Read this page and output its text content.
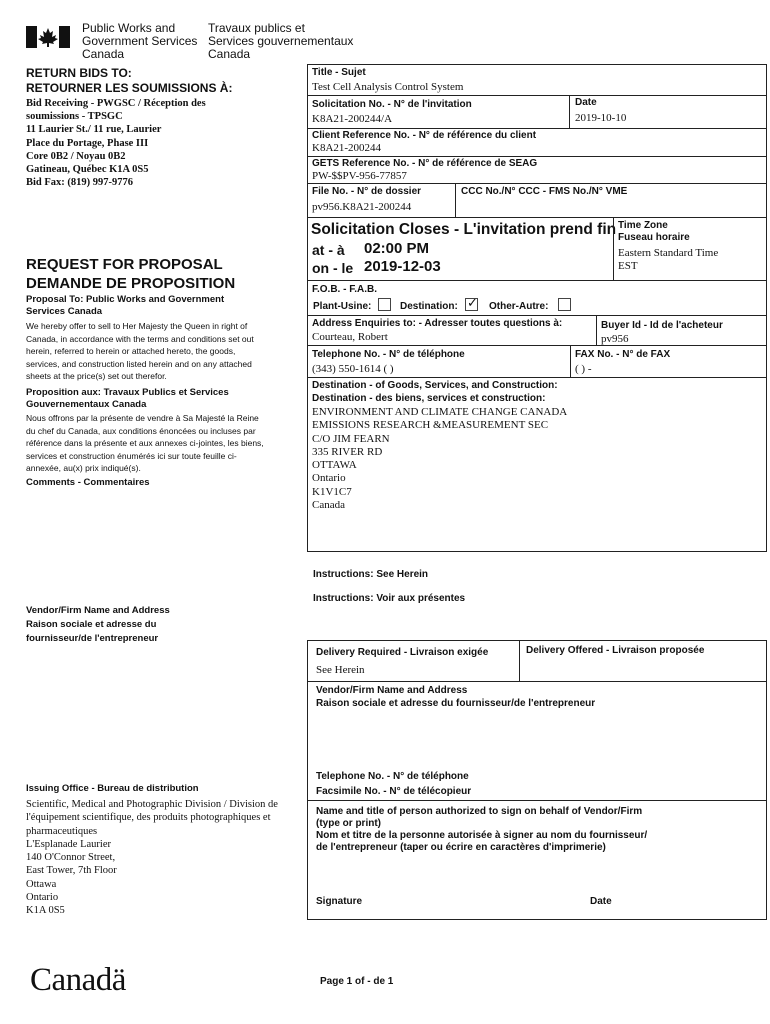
Public Works and
Government Services
Canada
Travaux publics et
Services gouvernementaux
Canada
RETURN BIDS TO:
RETOURNER LES SOUMISSIONS À:
Bid Receiving - PWGSC / Réception des
soumissions - TPSGC
11 Laurier St./ 11 rue, Laurier
Place du Portage, Phase III
Core 0B2 / Noyau 0B2
Gatineau, Québec K1A 0S5
Bid Fax: (819) 997-9776
REQUEST FOR PROPOSAL
DEMANDE DE PROPOSITION
Proposal To: Public Works and Government Services Canada
We hereby offer to sell to Her Majesty the Queen in right of Canada, in accordance with the terms and conditions set out herein, referred to herein or attached hereto, the goods, services, and construction listed herein and on any attached sheets at the price(s) set out therefor.
Proposition aux: Travaux Publics et Services Gouvernementaux Canada
Nous offrons par la présente de vendre à Sa Majesté la Reine du chef du Canada, aux conditions énoncées ou incluses par référence dans la présente et aux annexes ci-jointes, les biens, services et construction énumérés ici sur toute feuille ci-annexée, au(x) prix indiqué(s).
Comments - Commentaires
Vendor/Firm Name and Address
Raison sociale et adresse du
fournisseur/de l'entrepreneur
Issuing Office - Bureau de distribution
Scientific, Medical and Photographic Division / Division de
l'équipement scientifique, des produits photographiques et
pharmaceutiques
L'Esplanade Laurier
140 O'Connor Street,
East Tower, 7th Floor
Ottawa
Ontario
K1A 0S5
Canadä
Title - Sujet
Test Cell Analysis Control System
Solicitation No. - N° de l'invitation
K8A21-200244/A
Date
2019-10-10
Client Reference No. - N° de référence du client
K8A21-200244
GETS Reference No. - N° de référence de SEAG
PW-$$PV-956-77857
File No. - N° de dossier
pv956.K8A21-200244
CCC No./N° CCC - FMS No./N° VME
Solicitation Closes - L'invitation prend fin
at - à 02:00 PM
on - le 2019-12-03
Time Zone
Fuseau horaire
Eastern Standard Time
EST
F.O.B. - F.A.B.
Plant-Usine:	Destination: ✓ Other-Autre:
Address Enquiries to: - Adresser toutes questions à:
Courteau, Robert
Buyer Id - Id de l'acheteur
pv956
Telephone No. - N° de téléphone
(343) 550-1614 ( )
FAX No. - N° de FAX
( ) -
Destination - of Goods, Services, and Construction:
Destination - des biens, services et construction:
ENVIRONMENT AND CLIMATE CHANGE CANADA
EMISSIONS RESEARCH &MEASUREMENT SEC
C/O JIM FEARN
335 RIVER RD
OTTAWA
Ontario
K1V1C7
Canada
Instructions: See Herein
Instructions: Voir aux présentes
Delivery Required - Livraison exigée
See Herein
Delivery Offered - Livraison proposée
Vendor/Firm Name and Address
Raison sociale et adresse du fournisseur/de l'entrepreneur
Telephone No. - N° de téléphone
Facsimile No. - N° de télécopieur
Name and title of person authorized to sign on behalf of Vendor/Firm
(type or print)
Nom et titre de la personne autorisée à signer au nom du fournisseur/
de l'entrepreneur (taper ou écrire en caractères d'imprimerie)
Signature	Date
Page 1 of - de 1
